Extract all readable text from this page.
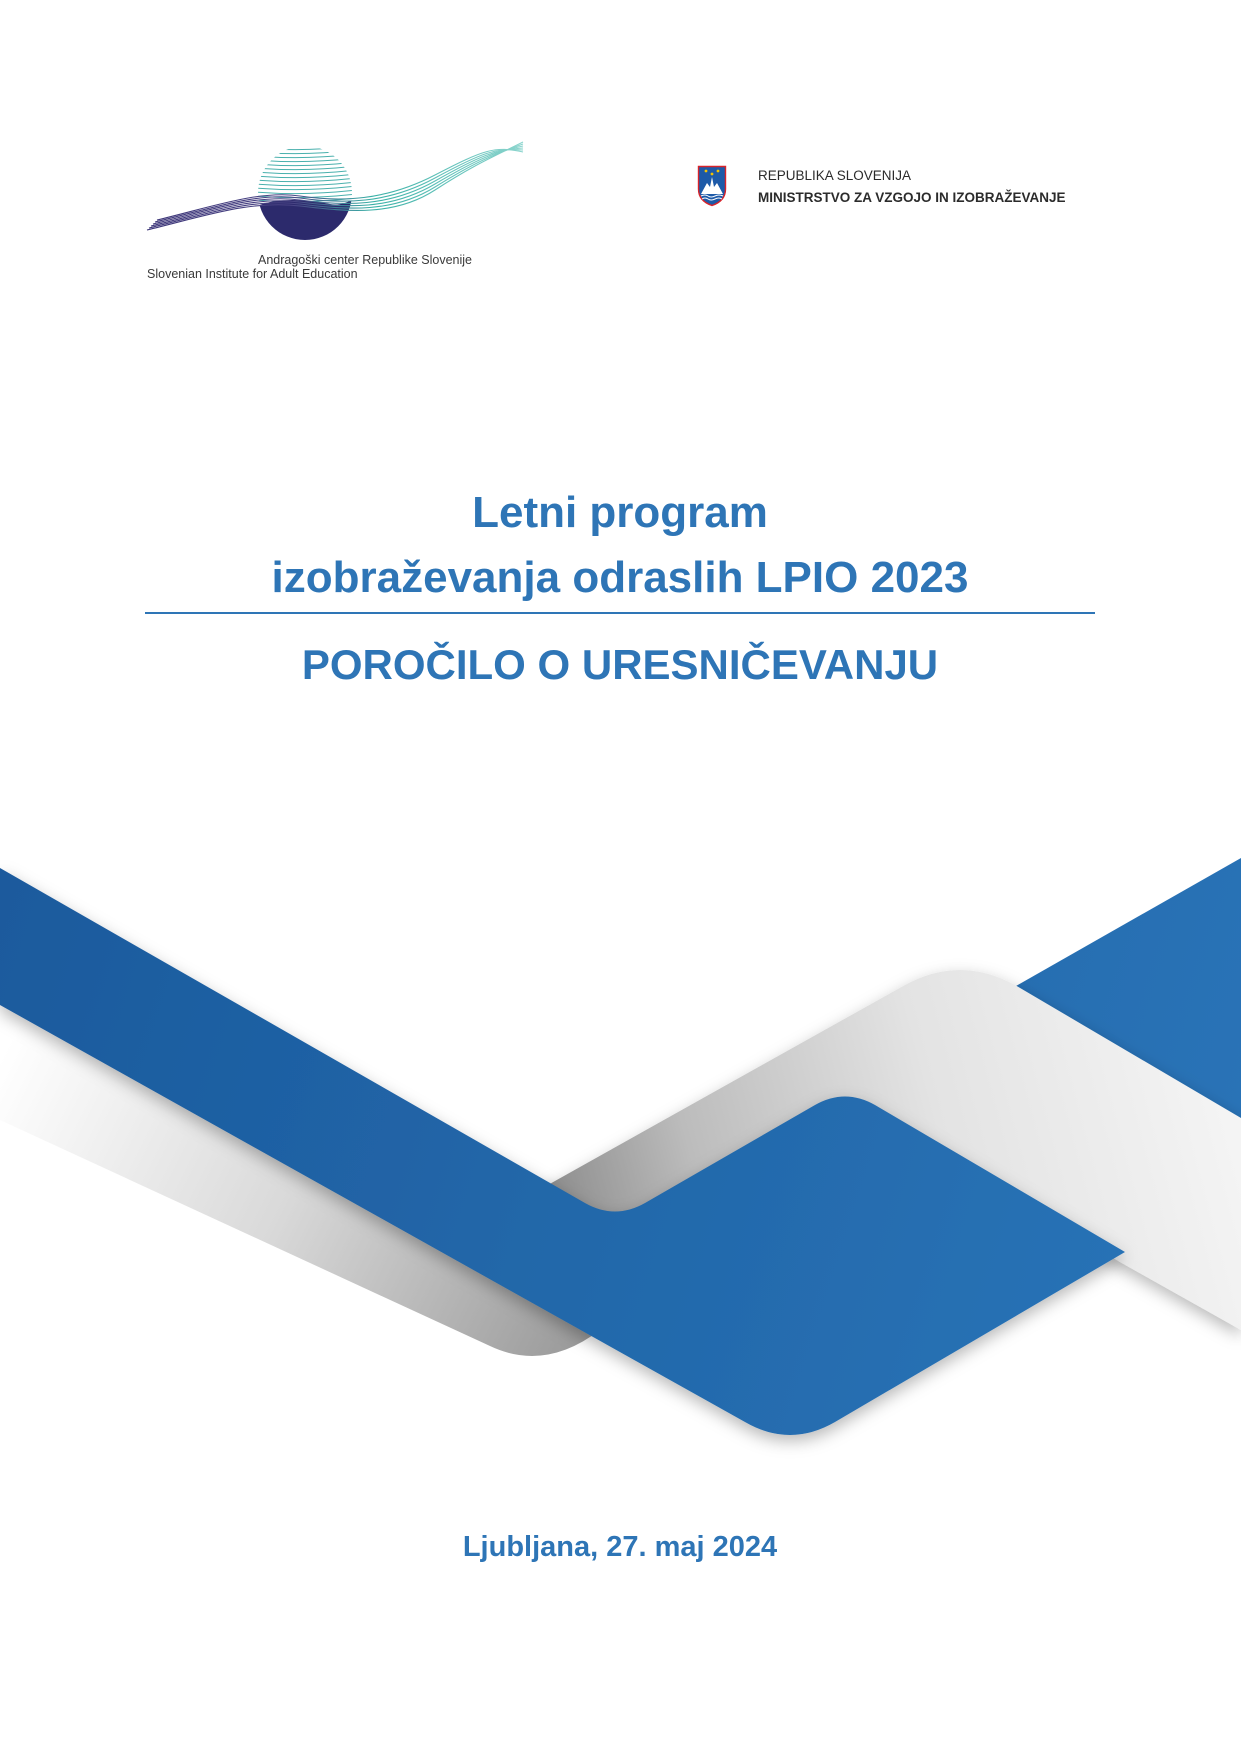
Andragoški center Republike Slovenije
Slovenian Institute for Adult Education
REPUBLIKA SLOVENIJA
MINISTRSTVO ZA VZGOJO IN IZOBRAŽEVANJE
Letni program
izobraževanja odraslih LPIO 2023
POROČILO O URESNIČEVANJU
Ljubljana, 27. maj 2024
